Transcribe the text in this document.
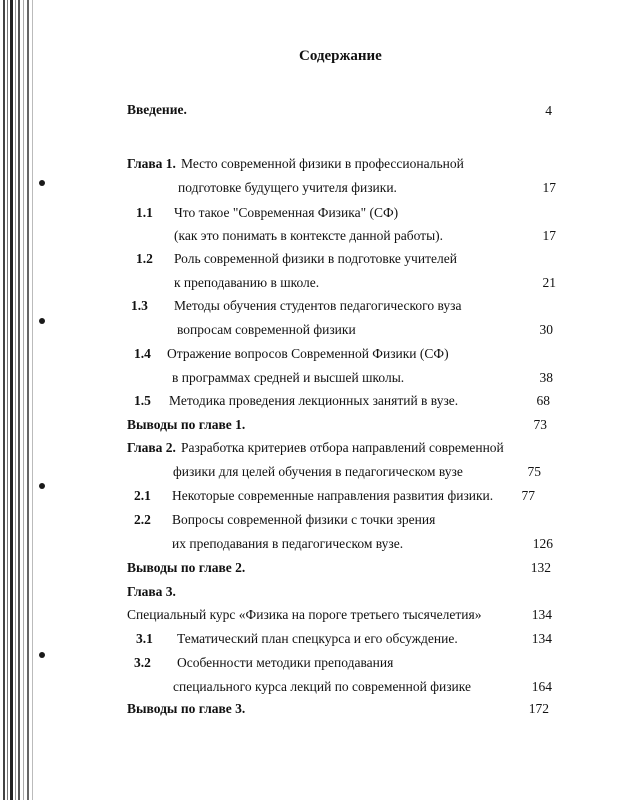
Содержание
Введение.	4
Глава 1. Место современной физики в профессиональной
подготовке будущего учителя физики.	17
1.1 Что такое "Современная Физика" (СФ)
(как это понимать в контексте данной работы).	17
1.2 Роль современной физики в подготовке учителей
к преподаванию в школе.	21
1.3 Методы обучения студентов педагогического вуза
вопросам современной физики	30
1.4 Отражение вопросов Современной Физики (СФ)
в программах средней и высшей школы.	38
1.5 Методика проведения лекционных занятий в вузе.	68
Выводы по главе 1.	73
Глава 2. Разработка критериев отбора направлений современной
физики для целей обучения в педагогическом вузе	75
2.1 Некоторые современные направления развития физики. 77
2.2 Вопросы современной физики с точки зрения
их преподавания в педагогическом вузе.	126
Выводы по главе 2.	132
Глава 3.
Специальный курс «Физика на пороге третьего тысячелетия»	134
3.1 Тематический план спецкурса и его обсуждение.	134
3.2 Особенности методики преподавания
специального курса лекций по современной физике	164
Выводы по главе 3.	172
